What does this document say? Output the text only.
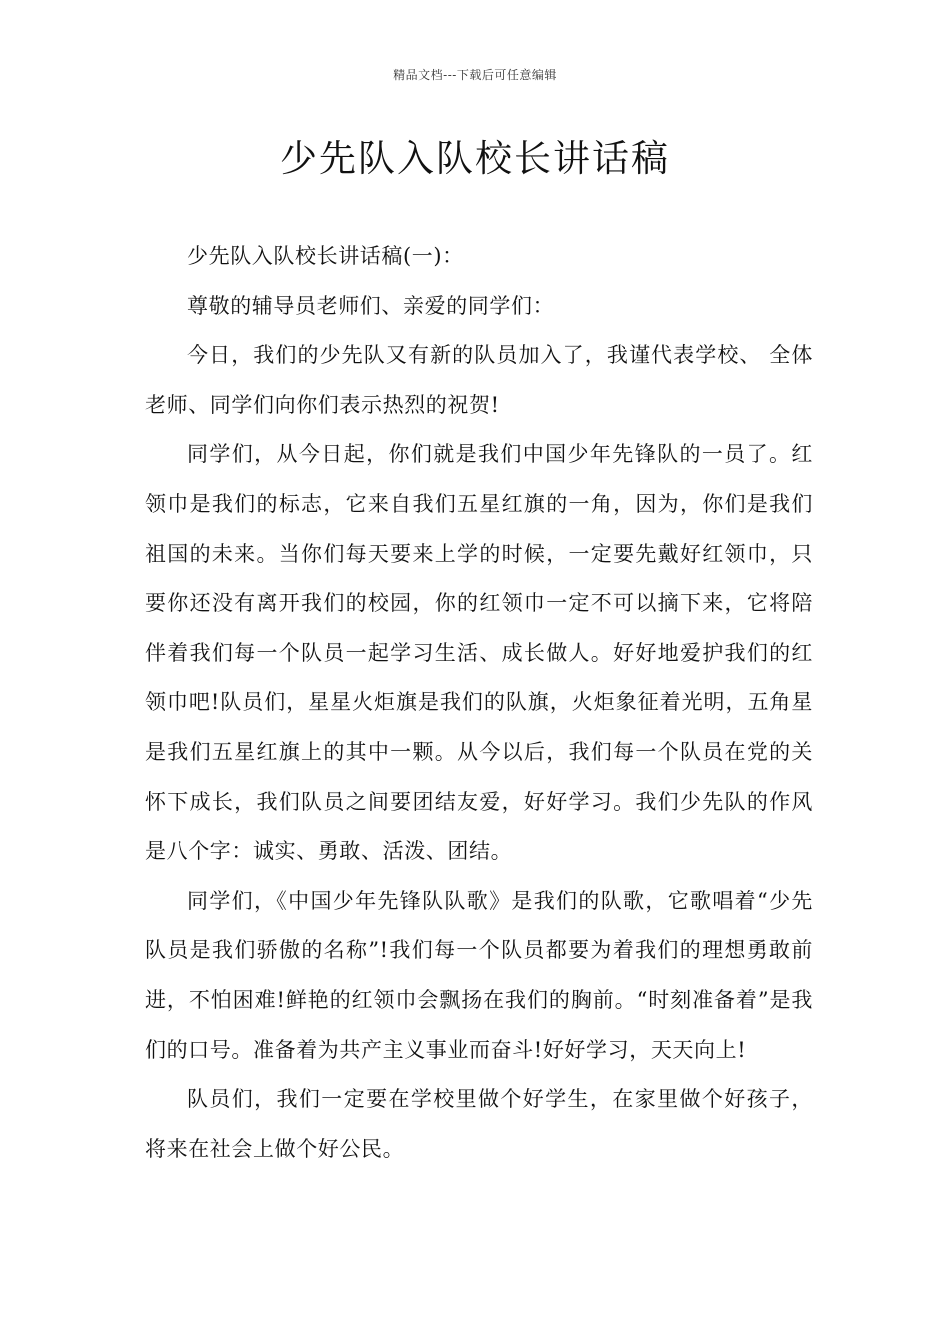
精品文档---下载后可任意编辑
少先队入队校长讲话稿

少先队入队校长讲话稿(一)：

尊敬的辅导员老师们、亲爱的同学们：

今日，我们的少先队又有新的队员加入了，我谨代表学校、 全体老师、同学们向你们表示热烈的祝贺!

同学们，从今日起，你们就是我们中国少年先锋队的一员了。红领巾是我们的标志，它来自我们五星红旗的一角，因为，你们是我们祖国的未来。当你们每天要来上学的时候，一定要先戴好红领巾，只要你还没有离开我们的校园，你的红领巾一定不可以摘下来，它将陪伴着我们每一个队员一起学习生活、成长做人。好好地爱护我们的红领巾吧!队员们，星星火炬旗是我们的队旗，火炬象征着光明，五角星是我们五星红旗上的其中一颗。从今以后，我们每一个队员在党的关怀下成长，我们队员之间要团结友爱，好好学习。我们少先队的作风是八个字：诚实、勇敢、活泼、团结。

同学们，《中国少年先锋队队歌》是我们的队歌，它歌唱着“少先队员是我们骄傲的名称”!我们每一个队员都要为着我们的理想勇敢前进，不怕困难!鲜艳的红领巾会飘扬在我们的胸前。“时刻准备着”是我们的口号。准备着为共产主义事业而奋斗!好好学习，天天向上!

队员们，我们一定要在学校里做个好学生，在家里做个好孩子，将来在社会上做个好公民。
